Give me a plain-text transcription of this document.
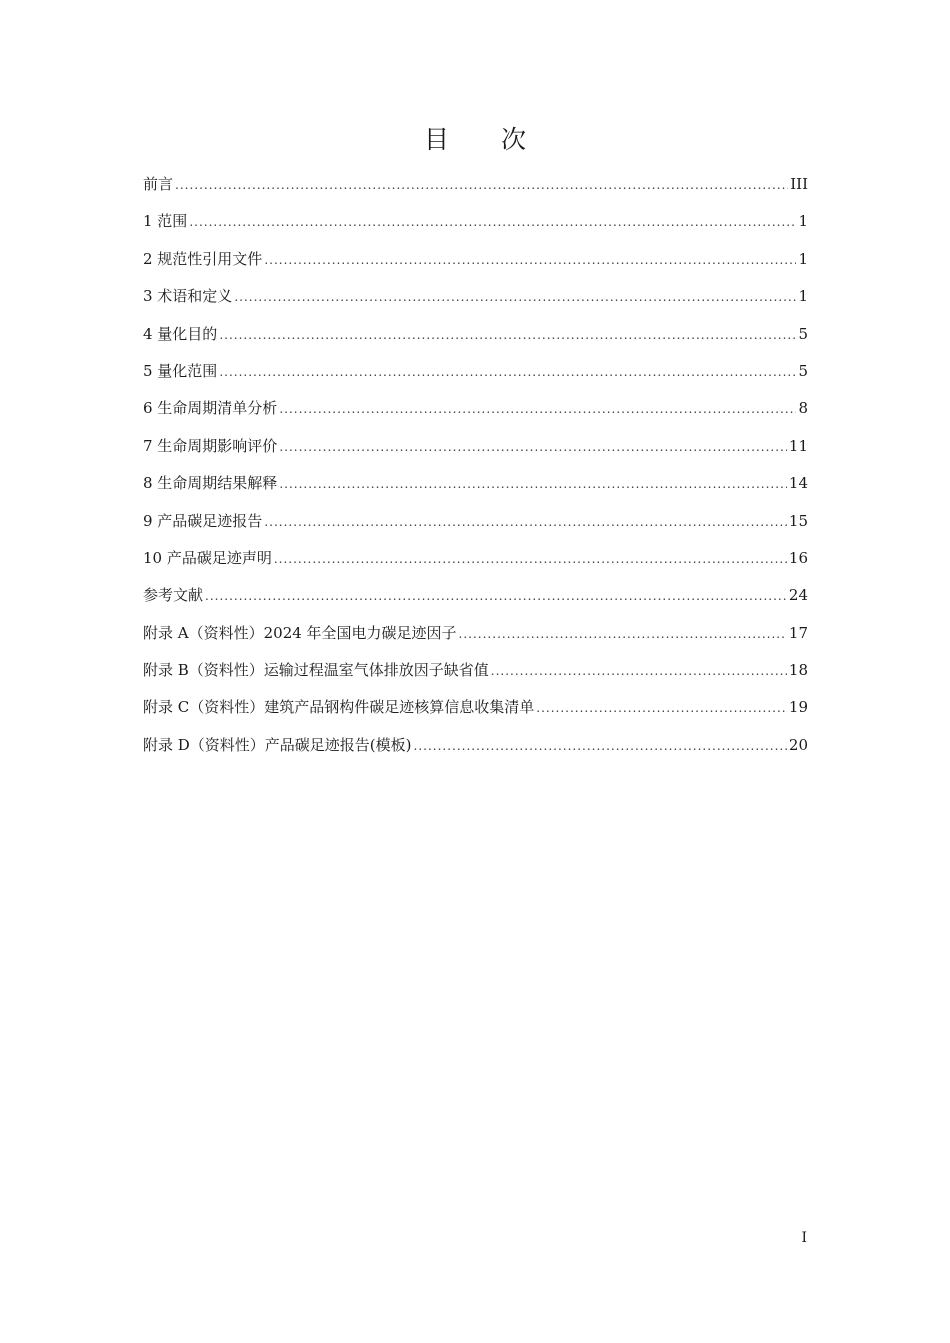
目 次
前言 .....	III
1 范围 .....	1
2 规范性引用文件 .....	1
3 术语和定义 .....	1
4 量化目的 .....	5
5 量化范围 .....	5
6 生命周期清单分析 .....	8
7 生命周期影响评价 .....	11
8 生命周期结果解释 .....	14
9 产品碳足迹报告 .....	15
10 产品碳足迹声明 .....	16
参考文献 .....	24
附录 A（资料性）2024 年全国电力碳足迹因子 .....	17
附录 B（资料性）运输过程温室气体排放因子缺省值 .....	18
附录 C（资料性）建筑产品钢构件碳足迹核算信息收集清单 .....	19
附录 D（资料性）产品碳足迹报告(模板) .....	20
I
